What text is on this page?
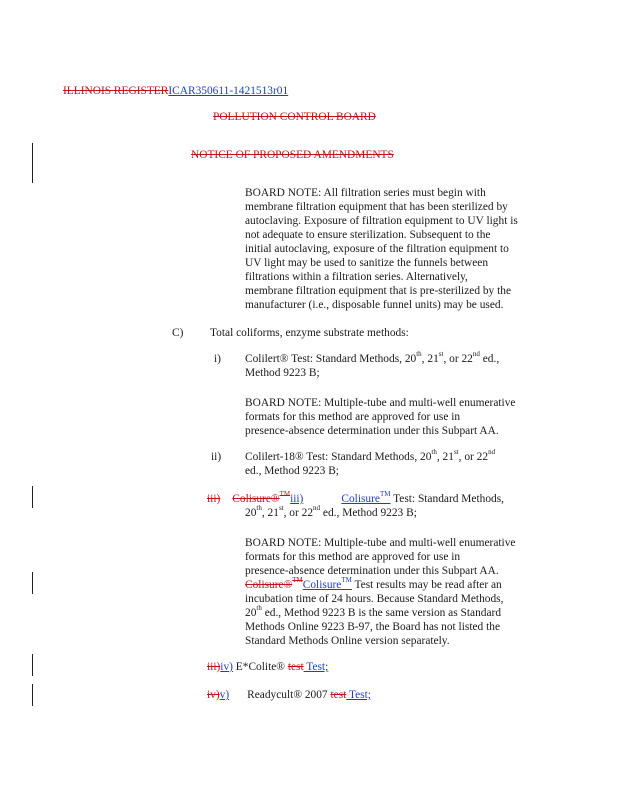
ILLINOIS REGISTERICAR350611-1421513r01
POLLUTION CONTROL BOARD
NOTICE OF PROPOSED AMENDMENTS
BOARD NOTE: All filtration series must begin with
membrane filtration equipment that has been sterilized by
autoclaving. Exposure of filtration equipment to UV light is
not adequate to ensure sterilization. Subsequent to the
initial autoclaving, exposure of the filtration equipment to
UV light may be used to sanitize the funnels between
filtrations within a filtration series. Alternatively,
membrane filtration equipment that is pre-sterilized by the
manufacturer (i.e., disposable funnel units) may be used.
C) Total coliforms, enzyme substrate methods:
i) Colilert® Test: Standard Methods, 20th, 21st, or 22nd ed.,
Method 9223 B;
BOARD NOTE: Multiple-tube and multi-well enumerative
formats for this method are approved for use in
presence-absence determination under this Subpart AA.
ii) Colilert-18® Test: Standard Methods, 20th, 21st, or 22nd
ed., Method 9223 B;
iii) Colisure®™iii)	Colisure™ Test: Standard Methods,
20th, 21st, or 22nd ed., Method 9223 B;
BOARD NOTE: Multiple-tube and multi-well enumerative
formats for this method are approved for use in
presence-absence determination under this Subpart AA.
Colisure®™Colisure™ Test results may be read after an
incubation time of 24 hours. Because Standard Methods,
20th ed., Method 9223 B is the same version as Standard
Methods Online 9223 B-97, the Board has not listed the
Standard Methods Online version separately.
iii)iv) E*Colite® test Test;
iv)v) Readycult® 2007 test Test;
